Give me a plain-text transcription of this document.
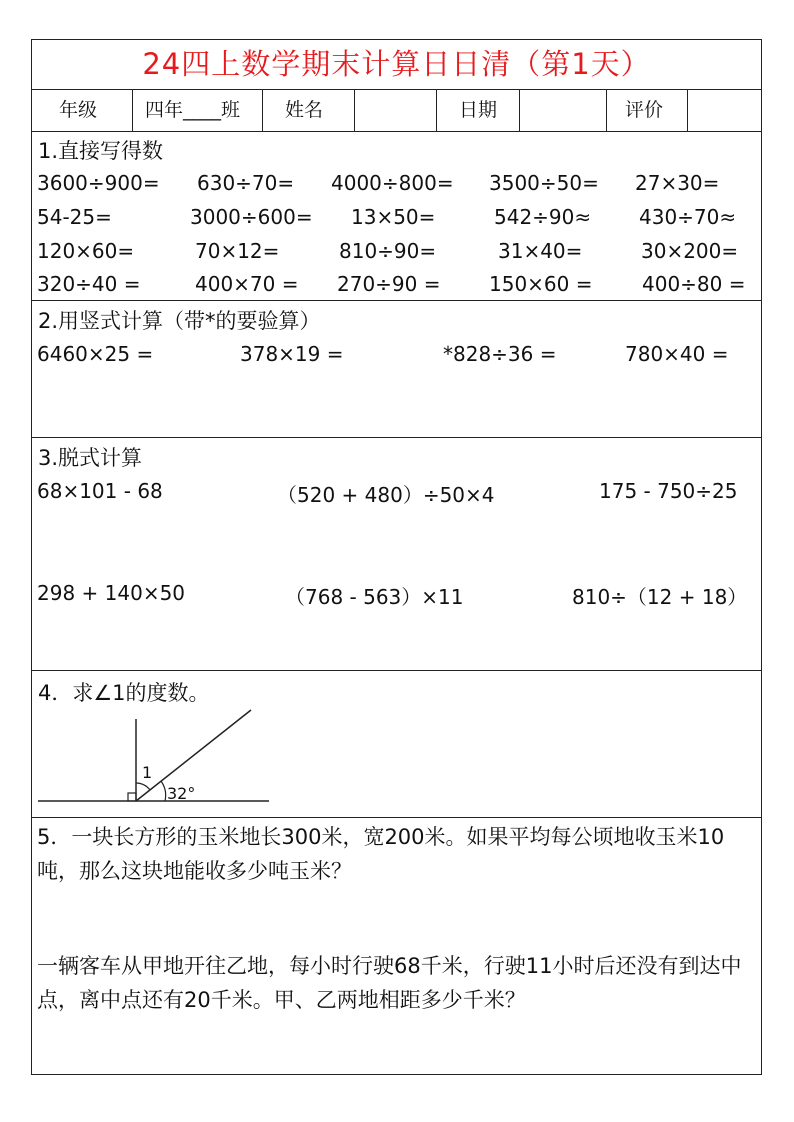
24四上数学期末计算日日清（第1天）
年级	四年____班	姓名	日期	评价
1.直接写得数
3600÷900= 630÷70= 4000÷800= 3500÷50= 27×30=
54-25=	3000÷600= 13×50=	542÷90≈ 430÷70≈
120×60=	70×12=	810÷90=	31×40=	30×200=
320÷40 =	400×70 = 270÷90 = 150×60 = 400÷80 =
2.用竖式计算（带*的要验算）
6460×25 =	378×19 =	*828÷36 =	780×40 =
3.脱式计算
68×101 - 68	（520 + 480）÷50×4	175 - 750÷25
298 + 140×50	（768 - 563）×11	810÷（12 + 18）
4．求∠1的度数。
1
32°
5．一块长方形的玉米地长300米，宽200米。如果平均每公顷地收玉米10吨，那么这块地能收多少吨玉米？
一辆客车从甲地开往乙地，每小时行驶68千米，行驶11小时后还没有到达中点，离中点还有20千米。甲、乙两地相距多少千米？
